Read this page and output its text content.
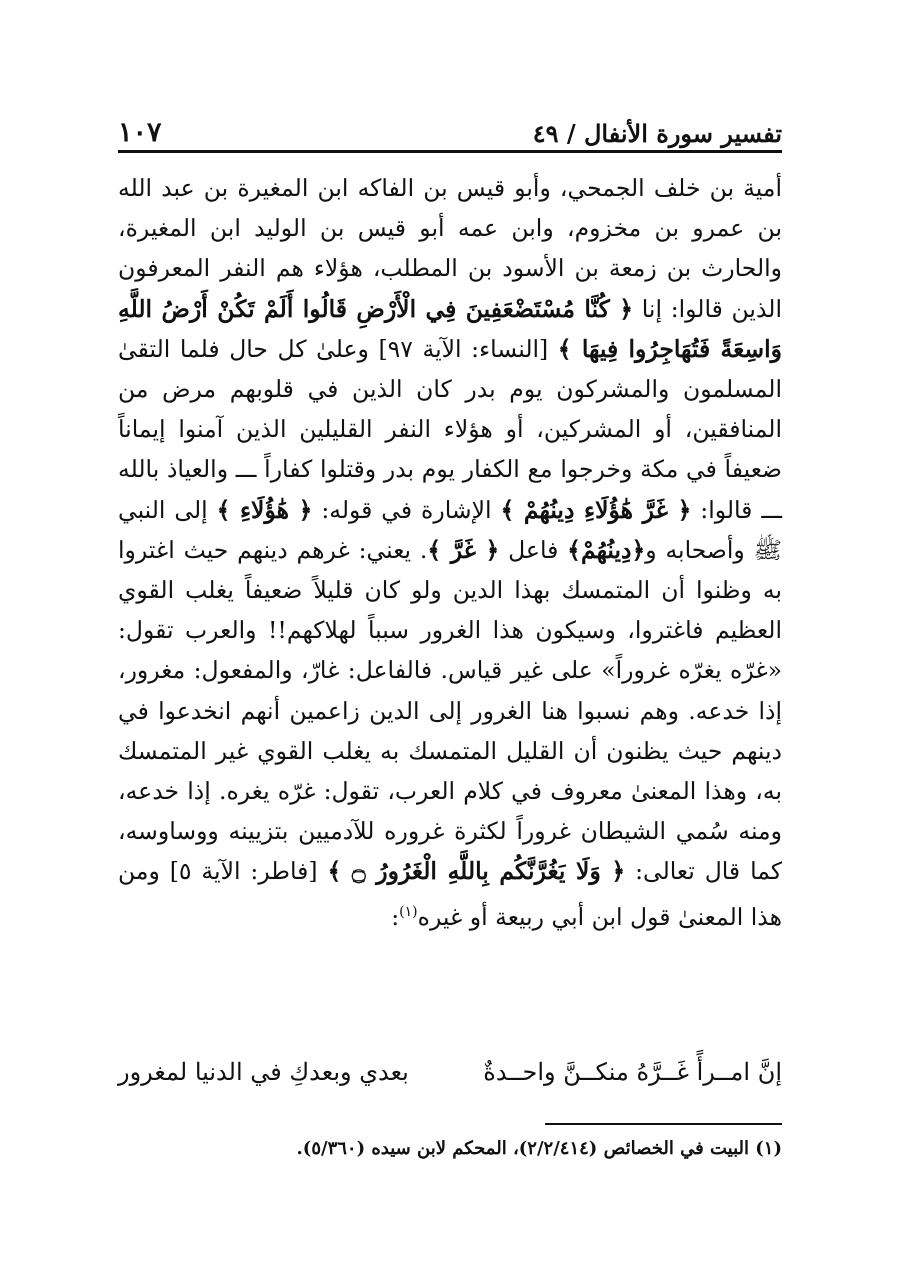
تفسير سورة الأنفال / ٤٩
١٠٧

أمية بن خلف الجمحي، وأبو قيس بن الفاكه ابن المغيرة بن عبد الله بن عمرو بن مخزوم، وابن عمه أبو قيس بن الوليد ابن المغيرة، والحارث بن زمعة بن الأسود بن المطلب، هؤلاء هم النفر المعرفون الذين قالوا: إنا ﴿ كُنَّا مُسْتَضْعَفِينَ فِي الْأَرْضِ قَالُوا أَلَمْ تَكُنْ أَرْضُ اللَّهِ وَاسِعَةً فَتُهَاجِرُوا فِيهَا ﴾ [النساء: الآية ٩٧] وعلىٰ كل حال فلما التقىٰ المسلمون والمشركون يوم بدر كان الذين في قلوبهم مرض من المنافقين، أو المشركين، أو هؤلاء النفر القليلين الذين آمنوا إيماناً ضعيفاً في مكة وخرجوا مع الكفار يوم بدر وقتلوا كفاراً ـــ والعياذ بالله ـــ قالوا: ﴿ غَرَّ هَٰؤُلَاءِ دِينُهُمْ ﴾ الإشارة في قوله: ﴿ هَٰؤُلَاءِ ﴾ إلى النبي ﷺ وأصحابه و﴿دِينُهُمْ﴾ فاعل ﴿ غَرَّ ﴾. يعني: غرهم دينهم حيث اغتروا به وظنوا أن المتمسك بهذا الدين ولو كان قليلاً ضعيفاً يغلب القوي العظيم فاغتروا، وسيكون هذا الغرور سبباً لهلاكهم!! والعرب تقول: «غرّه يغرّه غروراً» على غير قياس. فالفاعل: غارّ، والمفعول: مغرور، إذا خدعه. وهم نسبوا هنا الغرور إلى الدين زاعمين أنهم انخدعوا في دينهم حيث يظنون أن القليل المتمسك به يغلب القوي غير المتمسك به، وهذا المعنىٰ معروف في كلام العرب، تقول: غرّه يغره. إذا خدعه، ومنه سُمي الشيطان غروراً لكثرة غروره للآدميين بتزيينه ووساوسه، كما قال تعالى: ﴿ وَلَا يَغُرَّنَّكُم بِاللَّهِ الْغَرُورُ ۝ ﴾ [فاطر: الآية ٥] ومن هذا المعنىٰ قول ابن أبي ربيعة أو غيره$^{(١)}$:

إنَّ امــرأً غَــرَّهُ منكــنَّ واحــدةٌ
بعدي وبعدكِ في الدنيا لمغرور
(١) البيت في الخصائص (٢/٢/٤١٤)، المحكم لابن سيده (٥/٣٦٠).
